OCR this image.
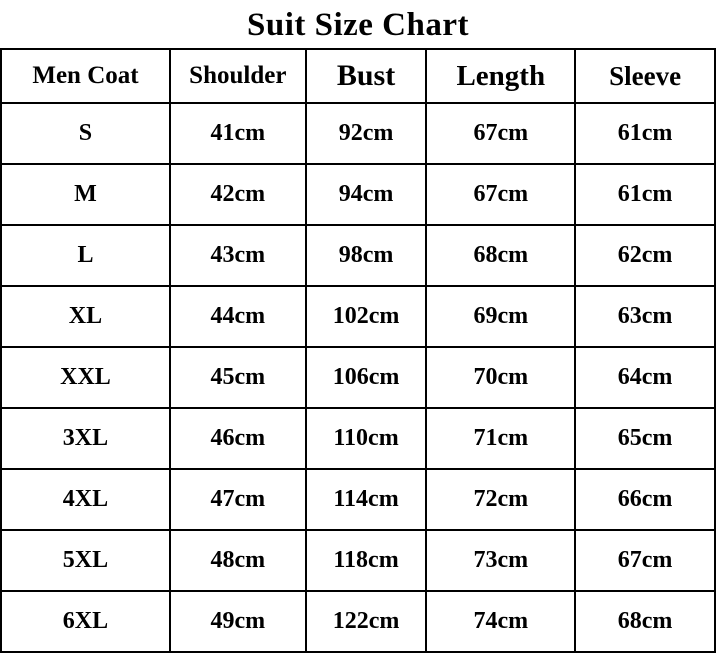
Suit Size Chart
Men Coat	Shoulder	Bust	Length	Sleeve
S	41cm	92cm	67cm	61cm
M	42cm	94cm	67cm	61cm
L	43cm	98cm	68cm	62cm
XL	44cm	102cm	69cm	63cm
XXL	45cm	106cm	70cm	64cm
3XL	46cm	110cm	71cm	65cm
4XL	47cm	114cm	72cm	66cm
5XL	48cm	118cm	73cm	67cm
6XL	49cm	122cm	74cm	68cm
